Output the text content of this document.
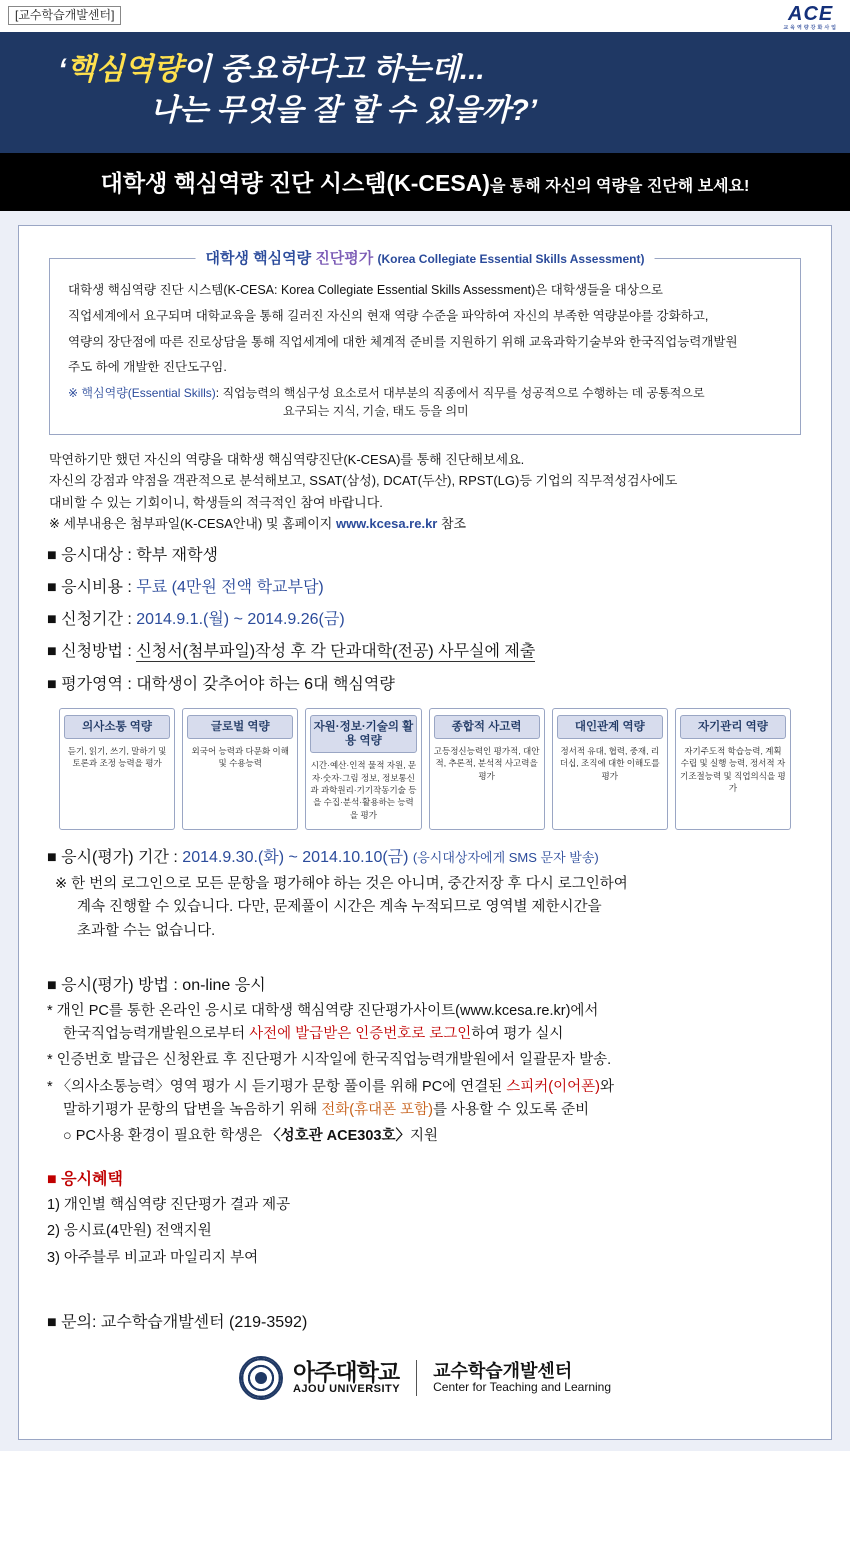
[교수학습개발센터]	ACE
교육역량강화사업
‘핵심역량이 중요하다고 하는데...
나는 무엇을 잘 할 수 있을까?’
대학생 핵심역량 진단 시스템(K-CESA)을 통해 자신의 역량을 진단해 보세요!
대학생 핵심역량 진단평가 (Korea Collegiate Essential Skills Assessment)

대학생 핵심역량 진단 시스템(K-CESA: Korea Collegiate Essential Skills Assessment)은 대학생들을 대상으로

직업세계에서 요구되며 대학교육을 통해 길러진 자신의 현재 역량 수준을 파악하여 자신의 부족한 역량분야를 강화하고,

역량의 장단점에 따른 진로상담을 통해 직업세계에 대한 체계적 준비를 지원하기 위해 교육과학기술부와 한국직업능력개발원

주도 하에 개발한 진단도구임.

※ 핵심역량(Essential Skills): 직업능력의 핵심구성 요소로서 대부분의 직종에서 직무를 성공적으로 수행하는 데 공통적으로
요구되는 지식, 기술, 태도 등을 의미
막연하기만 했던 자신의 역량을 대학생 핵심역량진단(K-CESA)를 통해 진단해보세요.
자신의 강점과 약점을 객관적으로 분석해보고, SSAT(삼성), DCAT(두산), RPST(LG)등 기업의 직무적성검사에도
대비할 수 있는 기회이니, 학생들의 적극적인 참여 바랍니다.
※ 세부내용은 첨부파일(K-CESA안내) 및 홈페이지 www.kcesa.re.kr 참조
■ 응시대상 : 학부 재학생
■ 응시비용 : 무료 (4만원 전액 학교부담)
■ 신청기간 : 2014.9.1.(월) ~ 2014.9.26(금)
■ 신청방법 : 신청서(첨부파일)작성 후 각 단과대학(전공) 사무실에 제출
■ 평가영역 : 대학생이 갖추어야 하는 6대 핵심역량
의사소통 역량
듣기, 읽기, 쓰기, 말하기 및 토론과 조정 능력을 평가
글로벌 역량
외국어 능력과 다문화 이해 및 수용능력
자원·정보·기술의 활용 역량
시간·예산·인적 물적 자원, 문자·숫자·그림 정보, 정보통신과 과학원리·기기작동기술 등을 수집·분석·활용하는 능력을 평가
종합적 사고력
고등정신능력인 평가적, 대안적, 추론적, 분석적 사고력을 평가
대인관계 역량
정서적 유대, 협력, 중재, 리더십, 조직에 대한 이해도를 평가
자기관리 역량
자기주도적 학습능력, 계획 수립 및 실행 능력, 정서적 자기조절능력 및 직업의식을 평가
■ 응시(평가) 기간 : 2014.9.30.(화) ~ 2014.10.10(금) (응시대상자에게 SMS 문자 발송)
※ 한 번의 로그인으로 모든 문항을 평가해야 하는 것은 아니며, 중간저장 후 다시 로그인하여
계속 진행할 수 있습니다. 다만, 문제풀이 시간은 계속 누적되므로 영역별 제한시간을
초과할 수는 없습니다.
■ 응시(평가) 방법 : on-line 응시
* 개인 PC를 통한 온라인 응시로 대학생 핵심역량 진단평가사이트(www.kcesa.re.kr)에서
한국직업능력개발원으로부터 사전에 발급받은 인증번호로 로그인하여 평가 실시
* 인증번호 발급은 신청완료 후 진단평가 시작일에 한국직업능력개발원에서 일괄문자 발송.
* 〈의사소통능력〉영역 평가 시 듣기평가 문항 풀이를 위해 PC에 연결된 스피커(이어폰)와
말하기평가 문항의 답변을 녹음하기 위해 전화(휴대폰 포함)를 사용할 수 있도록 준비
○ PC사용 환경이 필요한 학생은 〈성호관 ACE303호〉지원
■ 응시혜택
1) 개인별 핵심역량 진단평가 결과 제공
2) 응시료(4만원) 전액지원
3) 아주블루 비교과 마일리지 부여
■ 문의: 교수학습개발센터 (219-3592)
아주대학교
AJOU UNIVERSITY
교수학습개발센터
Center for Teaching and Learning
